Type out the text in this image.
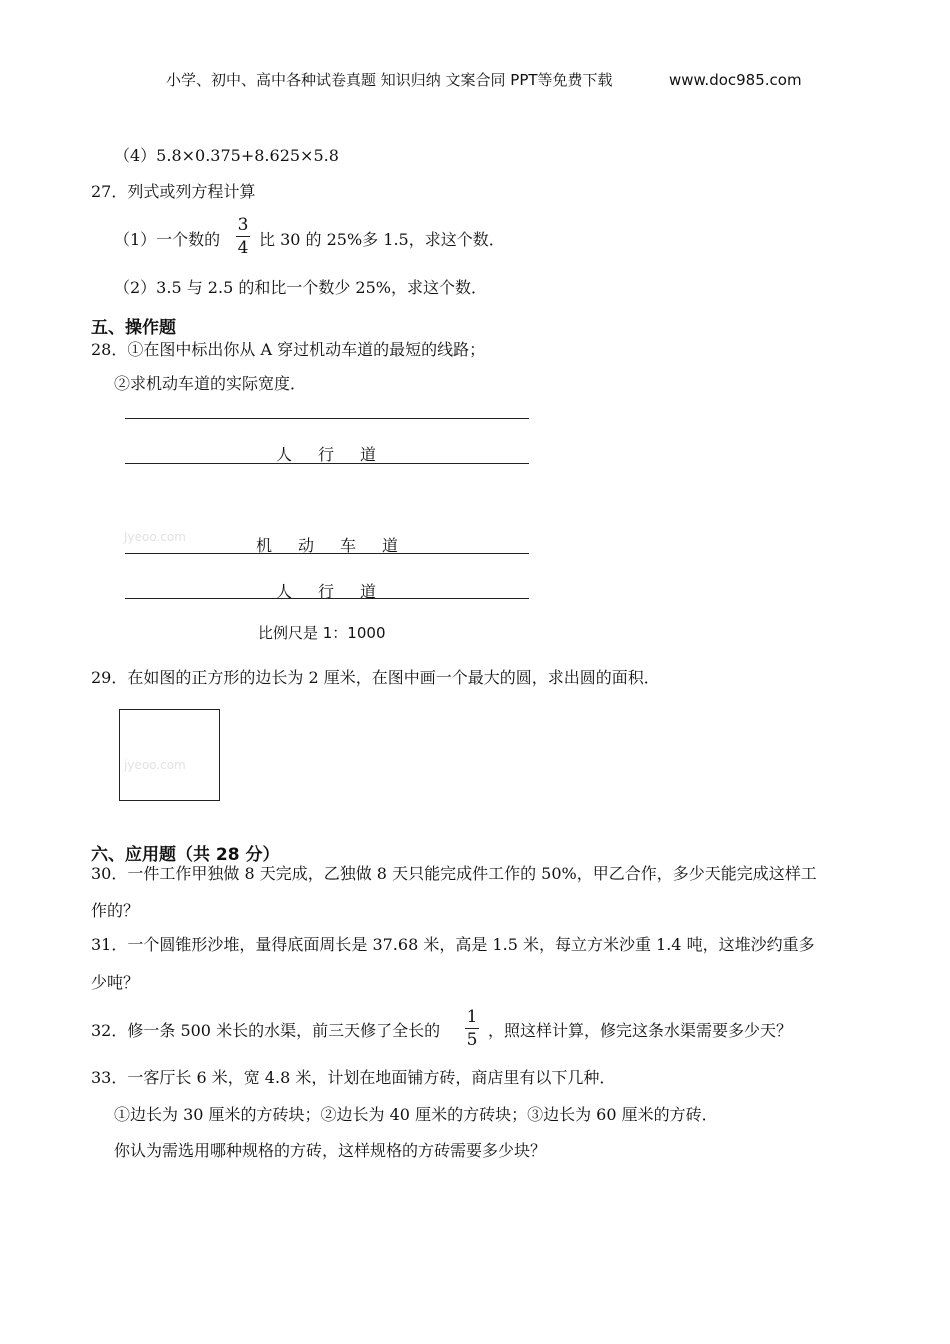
小学、初中、高中各种试卷真题 知识归纳 文案合同 PPT等免费下载	www.doc985.com
（4）5.8×0.375+8.625×5.8
27．列式或列方程计算
（1）一个数的
3
4 比 30 的 25%多 1.5，求这个数．
（2）3.5 与 2.5 的和比一个数少 25%，求这个数．
五、操作题
28．①在图中标出你从 A 穿过机动车道的最短的线路；
②求机动车道的实际宽度．
人行道
Jyeoo.com	机动车道
人行道
比例尺是 1：1000
29．在如图的正方形的边长为 2 厘米，在图中画一个最大的圆，求出圆的面积．
jyeoo.com
六、应用题（共 28 分）
30．一件工作甲独做 8 天完成，乙独做 8 天只能完成件工作的 50%，甲乙合作，多少天能完成这样工
作的？
31．一个圆锥形沙堆，量得底面周长是 37.68 米，高是 1.5 米，每立方米沙重 1.4 吨，这堆沙约重多
少吨？
32．修一条 500 米长的水渠，前三天修了全长的
1
5 ，照这样计算，修完这条水渠需要多少天？
33．一客厅长 6 米，宽 4.8 米，计划在地面铺方砖，商店里有以下几种．
①边长为 30 厘米的方砖块；②边长为 40 厘米的方砖块；③边长为 60 厘米的方砖．
你认为需选用哪种规格的方砖，这样规格的方砖需要多少块？
